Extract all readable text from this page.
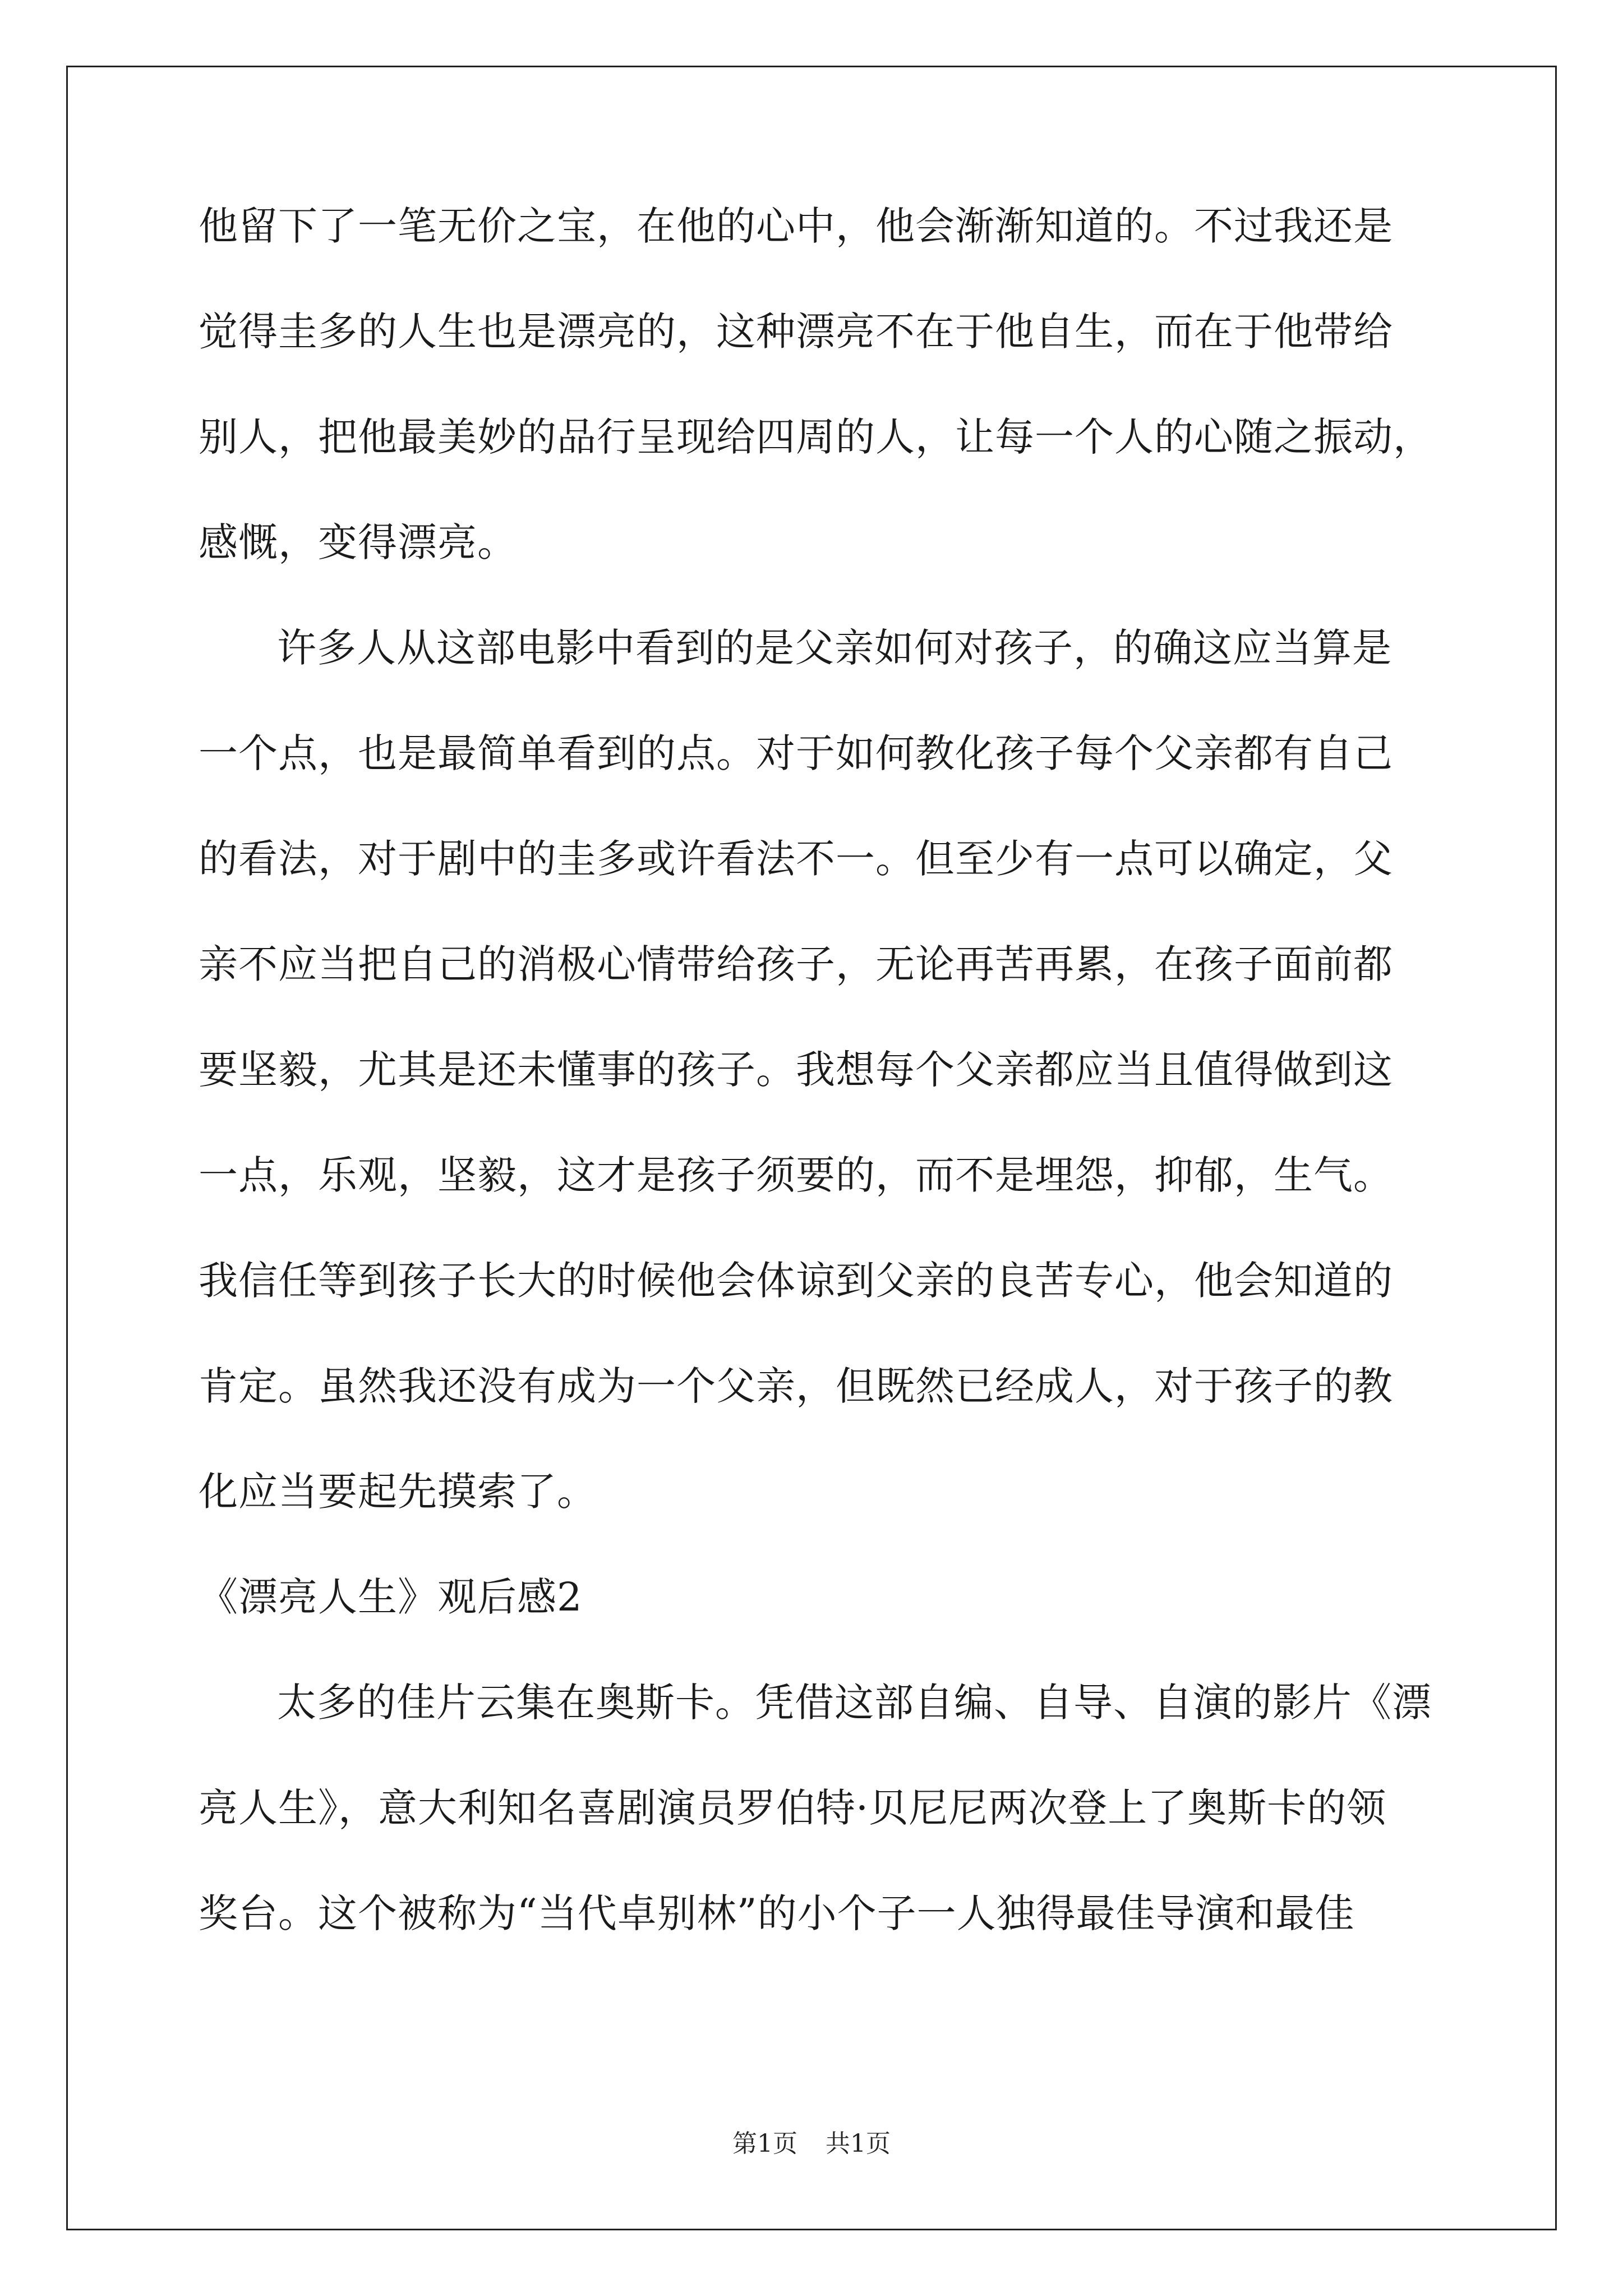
他留下了一笔无价之宝，在他的心中，他会渐渐知道的。不过我还是
觉得圭多的人生也是漂亮的，这种漂亮不在于他自生，而在于他带给
别人，把他最美妙的品行呈现给四周的人，让每一个人的心随之振动，
感慨，变得漂亮。
许多人从这部电影中看到的是父亲如何对孩子，的确这应当算是
一个点，也是最简单看到的点。对于如何教化孩子每个父亲都有自己
的看法，对于剧中的圭多或许看法不一。但至少有一点可以确定，父
亲不应当把自己的消极心情带给孩子，无论再苦再累，在孩子面前都
要坚毅，尤其是还未懂事的孩子。我想每个父亲都应当且值得做到这
一点，乐观，坚毅，这才是孩子须要的，而不是埋怨，抑郁，生气。
我信任等到孩子长大的时候他会体谅到父亲的良苦专心，他会知道的
肯定。虽然我还没有成为一个父亲，但既然已经成人，对于孩子的教
化应当要起先摸索了。
《漂亮人生》观后感2
太多的佳片云集在奥斯卡。凭借这部自编、自导、自演的影片《漂
亮人生》，意大利知名喜剧演员罗伯特·贝尼尼两次登上了奥斯卡的领
奖台。这个被称为“当代卓别林”的小个子一人独得最佳导演和最佳
第1页 共1页
